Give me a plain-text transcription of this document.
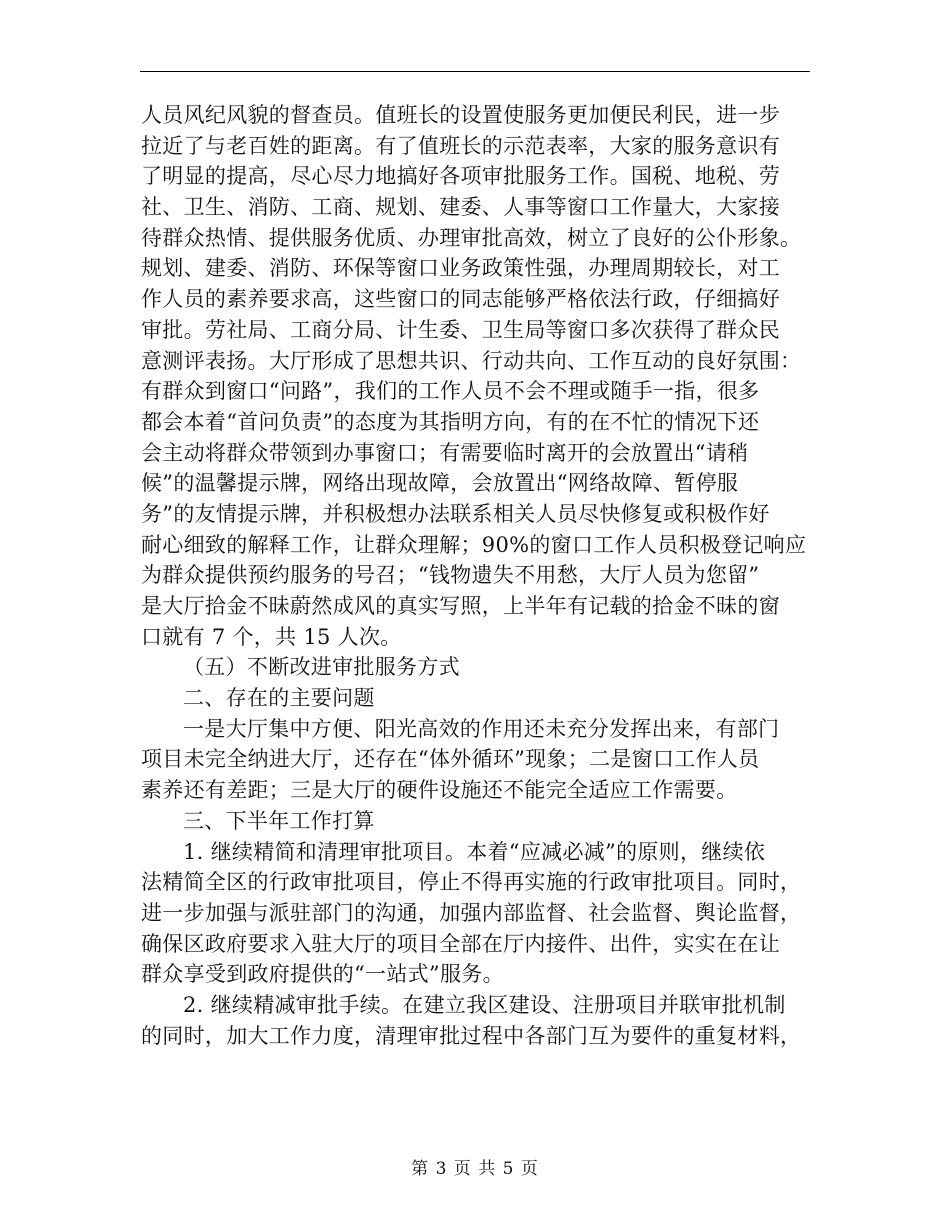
人员风纪风貌的督查员。值班长的设置使服务更加便民利民，进一步
拉近了与老百姓的距离。有了值班长的示范表率，大家的服务意识有
了明显的提高，尽心尽力地搞好各项审批服务工作。国税、地税、劳
社、卫生、消防、工商、规划、建委、人事等窗口工作量大，大家接
待群众热情、提供服务优质、办理审批高效，树立了良好的公仆形象。
规划、建委、消防、环保等窗口业务政策性强，办理周期较长，对工
作人员的素养要求高，这些窗口的同志能够严格依法行政，仔细搞好
审批。劳社局、工商分局、计生委、卫生局等窗口多次获得了群众民
意测评表扬。大厅形成了思想共识、行动共向、工作互动的良好氛围：
有群众到窗口“问路”，我们的工作人员不会不理或随手一指，很多
都会本着“首问负责”的态度为其指明方向，有的在不忙的情况下还
会主动将群众带领到办事窗口；有需要临时离开的会放置出“请稍
候”的温馨提示牌，网络出现故障，会放置出“网络故障、暂停服
务”的友情提示牌，并积极想办法联系相关人员尽快修复或积极作好
耐心细致的解释工作，让群众理解；90%的窗口工作人员积极登记响应
为群众提供预约服务的号召；“钱物遗失不用愁，大厅人员为您留”
是大厅拾金不昧蔚然成风的真实写照，上半年有记载的拾金不昧的窗
口就有 7 个，共 15 人次。
（五）不断改进审批服务方式
二、存在的主要问题
一是大厅集中方便、阳光高效的作用还未充分发挥出来，有部门
项目未完全纳进大厅，还存在“体外循环”现象；二是窗口工作人员
素养还有差距；三是大厅的硬件设施还不能完全适应工作需要。
三、下半年工作打算
1. 继续精简和清理审批项目。本着“应减必减”的原则，继续依
法精简全区的行政审批项目，停止不得再实施的行政审批项目。同时，
进一步加强与派驻部门的沟通，加强内部监督、社会监督、舆论监督，
确保区政府要求入驻大厅的项目全部在厅内接件、出件，实实在在让
群众享受到政府提供的“一站式”服务。
2. 继续精减审批手续。在建立我区建设、注册项目并联审批机制
的同时，加大工作力度，清理审批过程中各部门互为要件的重复材料，
第 3 页 共 5 页
